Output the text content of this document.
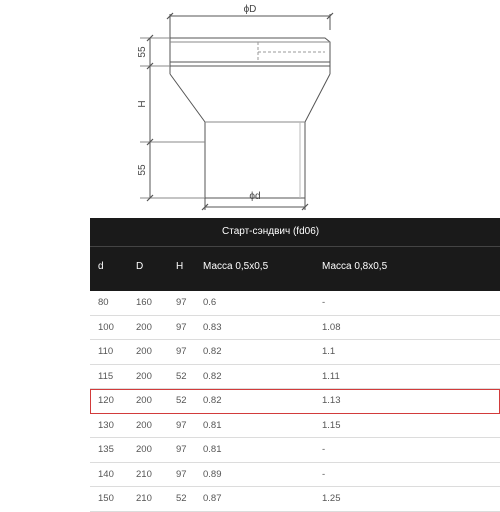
ϕD
ϕd
55
H
55
Старт-сэндвич (fd06)
d	D	H Масса 0,5х0,5	Масса 0,8х0,5
80	160	97 0.6	-
100 200	97 0.83	1.08
110 200	97 0.82	1.1
115 200	52 0.82	1.11
120 200	52 0.82	1.13
130 200	97 0.81	1.15
135 200	97 0.81	-
140 210	97 0.89	-
150 210	52 0.87	1.25
